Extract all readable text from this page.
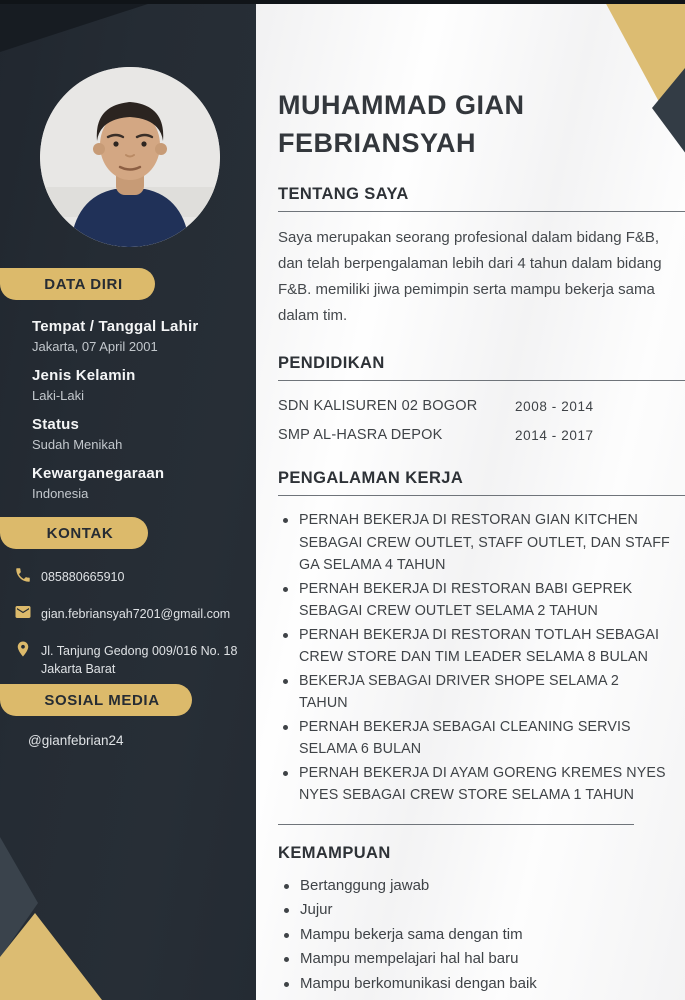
DATA DIRI
Tempat / Tanggal Lahir
Jakarta, 07 April 2001
Jenis Kelamin
Laki-Laki
Status
Sudah Menikah
Kewarganegaraan
Indonesia
KONTAK
085880665910
gian.febriansyah7201@gmail.com
Jl. Tanjung Gedong 009/016 No. 18
Jakarta Barat
SOSIAL MEDIA
@gianfebrian24
MUHAMMAD GIAN
FEBRIANSYAH
TENTANG SAYA

Saya merupakan seorang profesional dalam bidang F&B, dan telah berpengalaman lebih dari 4 tahun dalam bidang F&B. memiliki jiwa pemimpin serta mampu bekerja sama dalam tim.

PENDIDIKAN
SDN KALISUREN 02 BOGOR	2008 - 2014
SMP AL-HASRA DEPOK	2014 - 2017
PENGALAMAN KERJA
PERNAH BEKERJA DI RESTORAN GIAN KITCHEN SEBAGAI CREW OUTLET, STAFF OUTLET, DAN STAFF GA SELAMA 4 TAHUN
PERNAH BEKERJA DI RESTORAN BABI GEPREK SEBAGAI CREW OUTLET SELAMA 2 TAHUN
PERNAH BEKERJA DI RESTORAN TOTLAH SEBAGAI CREW STORE DAN TIM LEADER SELAMA 8 BULAN
BEKERJA SEBAGAI DRIVER SHOPE SELAMA 2 TAHUN
PERNAH BEKERJA SEBAGAI CLEANING SERVIS SELAMA 6 BULAN
PERNAH BEKERJA DI AYAM GORENG KREMES NYES NYES SEBAGAI CREW STORE SELAMA 1 TAHUN
KEMAMPUAN
Bertanggung jawab
Jujur
Mampu bekerja sama dengan tim
Mampu mempelajari hal hal baru
Mampu berkomunikasi dengan baik
